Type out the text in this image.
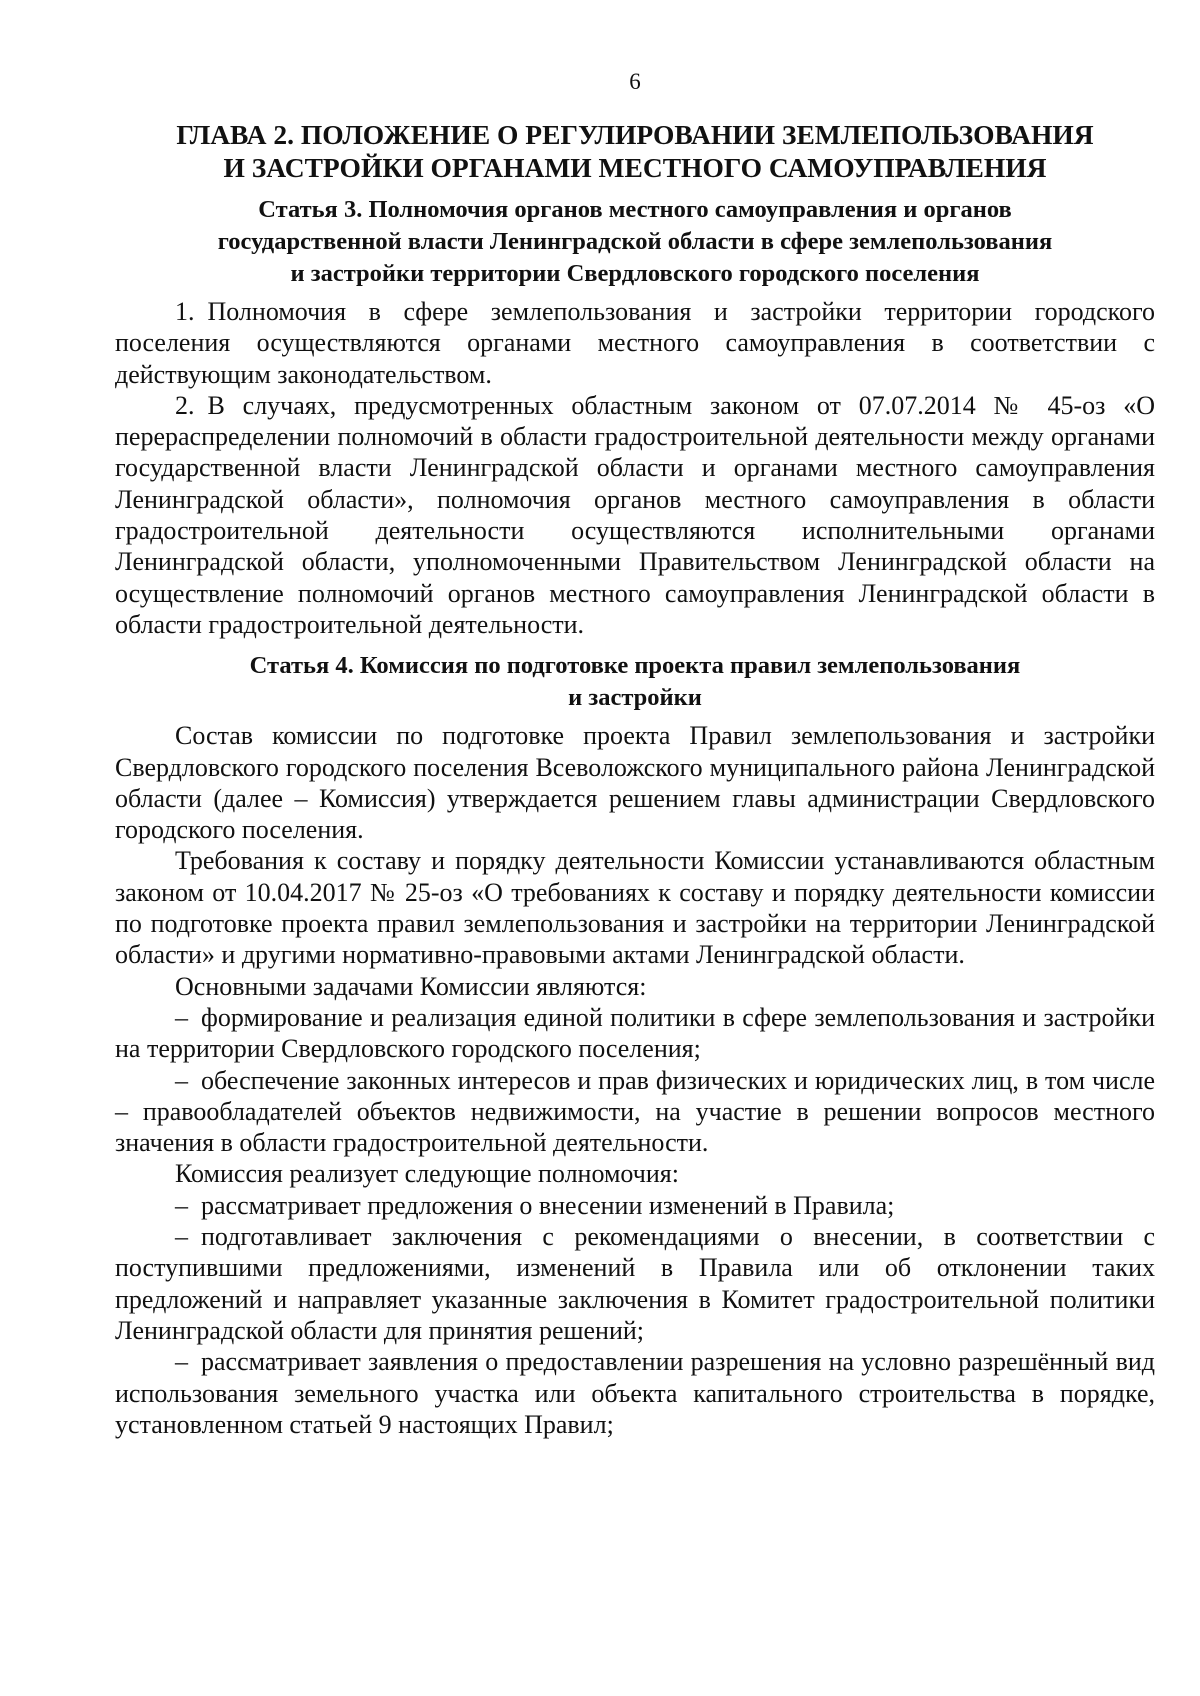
6
ГЛАВА 2. ПОЛОЖЕНИЕ О РЕГУЛИРОВАНИИ ЗЕМЛЕПОЛЬЗОВАНИЯ
И ЗАСТРОЙКИ ОРГАНАМИ МЕСТНОГО САМОУПРАВЛЕНИЯ
Статья 3. Полномочия органов местного самоуправления и органов
государственной власти Ленинградской области в сфере землепользования
и застройки территории Свердловского городского поселения

1. Полномочия в сфере землепользования и застройки территории городского поселения осуществляются органами местного самоуправления в соответствии с действующим законодательством.

2. В случаях, предусмотренных областным законом от 07.07.2014 № 45-оз «О перераспределении полномочий в области градостроительной деятельности между органами государственной власти Ленинградской области и органами местного самоуправления Ленинградской области», полномочия органов местного самоуправления в области градостроительной деятельности осуществляются исполнительными органами Ленинградской области, уполномоченными Правительством Ленинградской области на осуществление полномочий органов местного самоуправления Ленинградской области в области градостроительной деятельности.

Статья 4. Комиссия по подготовке проекта правил землепользования
и застройки

Состав комиссии по подготовке проекта Правил землепользования и застройки Свердловского городского поселения Всеволожского муниципального района Ленинградской области (далее – Комиссия) утверждается решением главы администрации Свердловского городского поселения.

Требования к составу и порядку деятельности Комиссии устанавливаются областным законом от 10.04.2017 № 25-оз «О требованиях к составу и порядку деятельности комиссии по подготовке проекта правил землепользования и застройки на территории Ленинградской области» и другими нормативно-правовыми актами Ленинградской области.

Основными задачами Комиссии являются:

– формирование и реализация единой политики в сфере землепользования и застройки на территории Свердловского городского поселения;

– обеспечение законных интересов и прав физических и юридических лиц, в том числе – правообладателей объектов недвижимости, на участие в решении вопросов местного значения в области градостроительной деятельности.

Комиссия реализует следующие полномочия:

– рассматривает предложения о внесении изменений в Правила;

– подготавливает заключения с рекомендациями о внесении, в соответствии с поступившими предложениями, изменений в Правила или об отклонении таких предложений и направляет указанные заключения в Комитет градостроительной политики Ленинградской области для принятия решений;

– рассматривает заявления о предоставлении разрешения на условно разрешённый вид использования земельного участка или объекта капитального строительства в порядке, установленном статьей 9 настоящих Правил;
